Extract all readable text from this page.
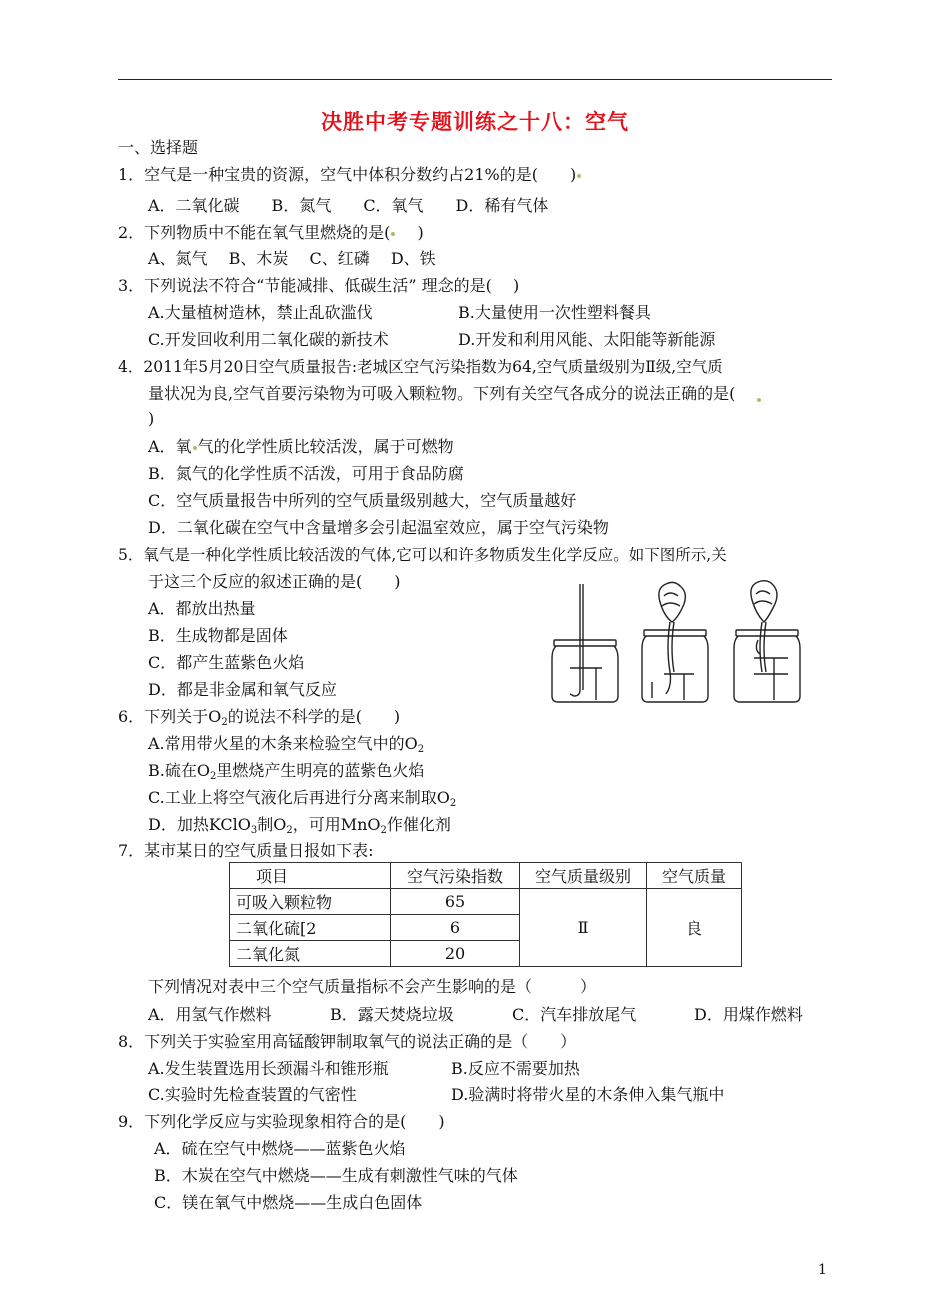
决胜中考专题训练之十八：空气
一、选择题
1．空气是一种宝贵的资源，空气中体积分数约占21%的是(　　)
A．二氧化碳　　B．氮气　　C．氧气　　D．稀有气体
2．下列物质中不能在氧气里燃烧的是( 　)
A、氮气　 B、木炭　 C、红磷　 D、铁
3．下列说法不符合“节能减排、低碳生活” 理念的是(　 )
A.大量植树造林，禁止乱砍滥伐	B.大量使用一次性塑料餐具
C.开发回收利用二氧化碳的新技术	D.开发和利用风能、太阳能等新能源
4．2011年5月20日空气质量报告:老城区空气污染指数为64,空气质量级别为Ⅱ级,空气质
量状况为良,空气首要污染物为可吸入颗粒物。下列有关空气各成分的说法正确的是(
)
A．氧 气的化学性质比较活泼，属于可燃物
B．氮气的化学性质不活泼，可用于食品防腐
C．空气质量报告中所列的空气质量级别越大，空气质量越好
D．二氧化碳在空气中含量增多会引起温室效应，属于空气污染物
5．氧气是一种化学性质比较活泼的气体,它可以和许多物质发生化学反应。如下图所示,关
于这三个反应的叙述正确的是(　　)
A．都放出热量
B．生成物都是固体
C．都产生蓝紫色火焰
D．都是非金属和氧气反应
6．下列关于$O_2$的说法不科学的是(　　)
A.常用带火星的木条来检验空气中的$O_2$
B.硫在$O_2$里燃烧产生明亮的蓝紫色火焰
C.工业上将空气液化后再进行分离来制取$O_2$
D．加热KClO$_3$制$O_2$，可用MnO$_2$作催化剂
7．某市某日的空气质量日报如下表:
项目	空气污染指数	空气质量级别	空气质量
可吸入颗粒物	65	Ⅱ	良
二氧化硫[2	6		
二氧化氮	20		
下列情况对表中三个空气质量指标不会产生影响的是（　　　）
A．用氢气作燃料	B．露天焚烧垃圾	C．汽车排放尾气	D．用煤作燃料
8．下列关于实验室用高锰酸钾制取氧气的说法正确的是（　　）
A.发生装置选用长颈漏斗和锥形瓶	B.反应不需要加热
C.实验时先检查装置的气密性	D.验满时将带火星的木条伸入集气瓶中
9．下列化学反应与实验现象相符合的是(　　)
A．硫在空气中燃烧——蓝紫色火焰
B．木炭在空气中燃烧——生成有刺激性气味的气体
C．镁在氧气中燃烧——生成白色固体
1
